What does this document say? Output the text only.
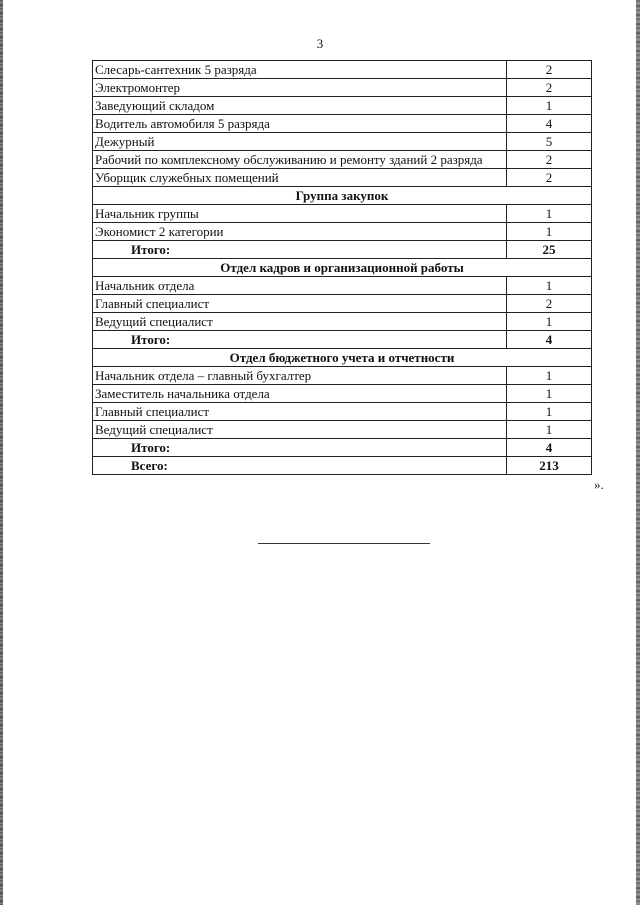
3
Слесарь-сантехник 5 разряда	2
Электромонтер	2
Заведующий складом	1
Водитель автомобиля 5 разряда	4
Дежурный	5
Рабочий по комплексному обслуживанию и ремонту зданий 2 разряда	2
Уборщик служебных помещений	2
Группа закупок	
Начальник группы	1
Экономист 2 категории	1
Итого:	25
Отдел кадров и организационной работы	
Начальник отдела	1
Главный специалист	2
Ведущий специалист	1
Итого:	4
Отдел бюджетного учета и отчетности	
Начальник отдела – главный бухгалтер	1
Заместитель начальника отдела	1
Главный специалист	1
Ведущий специалист	1
Итого:	4
Всего:	213
».
